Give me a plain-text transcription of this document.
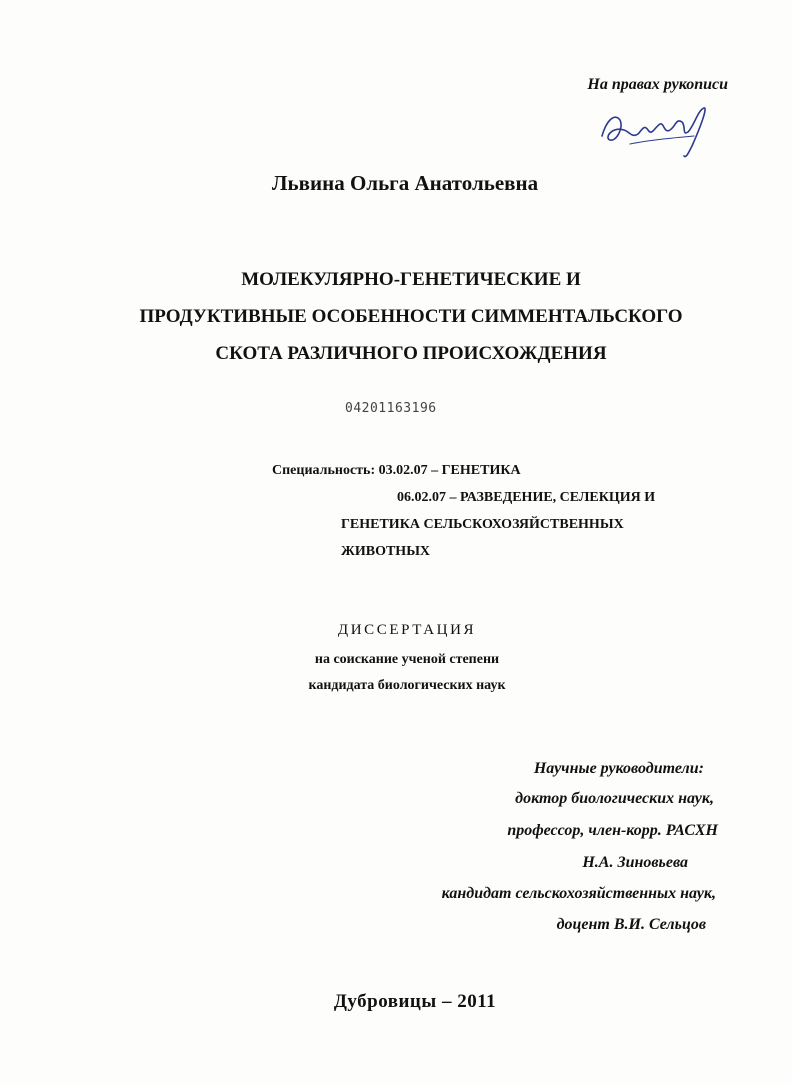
На правах рукописи
Львина Ольга Анатольевна
МОЛЕКУЛЯРНО-ГЕНЕТИЧЕСКИЕ И
ПРОДУКТИВНЫЕ ОСОБЕННОСТИ СИММЕНТАЛЬСКОГО
СКОТА РАЗЛИЧНОГО ПРОИСХОЖДЕНИЯ
04201163196
Специальность: 03.02.07 – ГЕНЕТИКА
06.02.07 – РАЗВЕДЕНИЕ, СЕЛЕКЦИЯ И
ГЕНЕТИКА СЕЛЬСКОХОЗЯЙСТВЕННЫХ
ЖИВОТНЫХ
ДИССЕРТАЦИЯ
на соискание ученой степени
кандидата биологических наук
Научные руководители:
доктор биологических наук,
профессор, член-корр. РАСХН
Н.А. Зиновьева
кандидат сельскохозяйственных наук,
доцент В.И. Сельцов
Дубровицы – 2011
